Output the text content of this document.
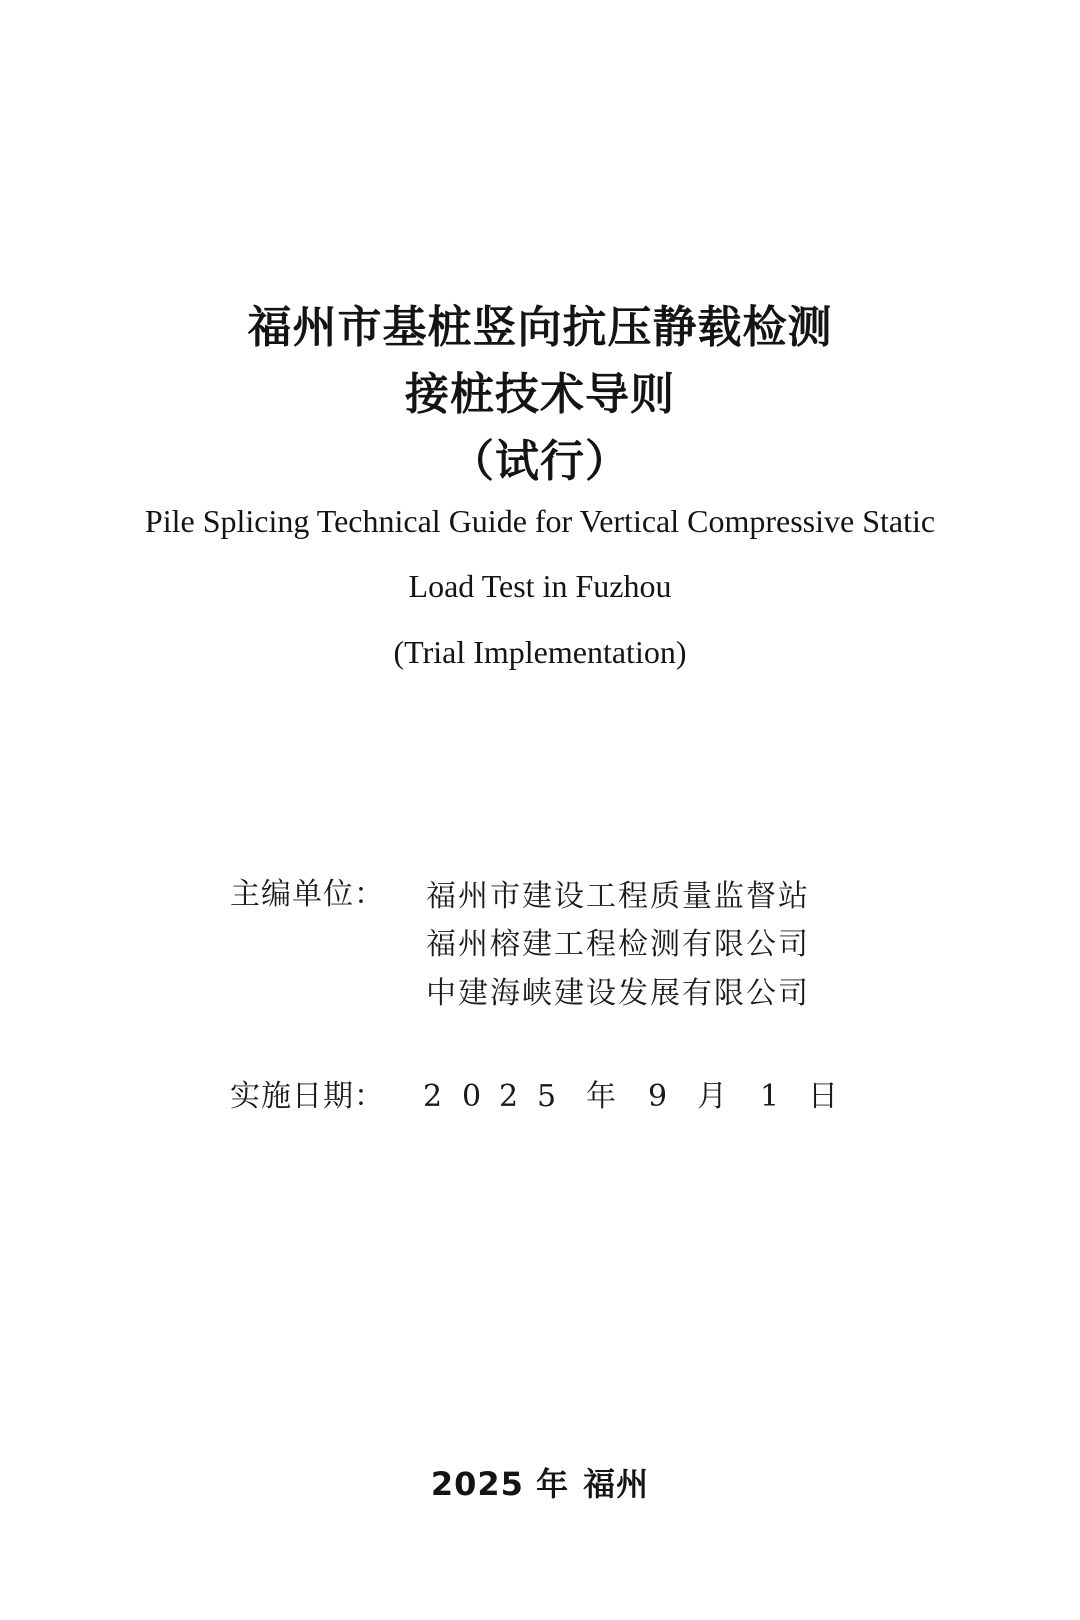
福州市基桩竖向抗压静载检测
接桩技术导则
（试行）
Pile Splicing Technical Guide for Vertical Compressive Static
Load Test in Fuzhou
(Trial Implementation)
主编单位： 福州市建设工程质量监督站
福州榕建工程检测有限公司
中建海峡建设发展有限公司
实施日期： 2 0 2 5 年 9 月 1 日
2025 年 福州
